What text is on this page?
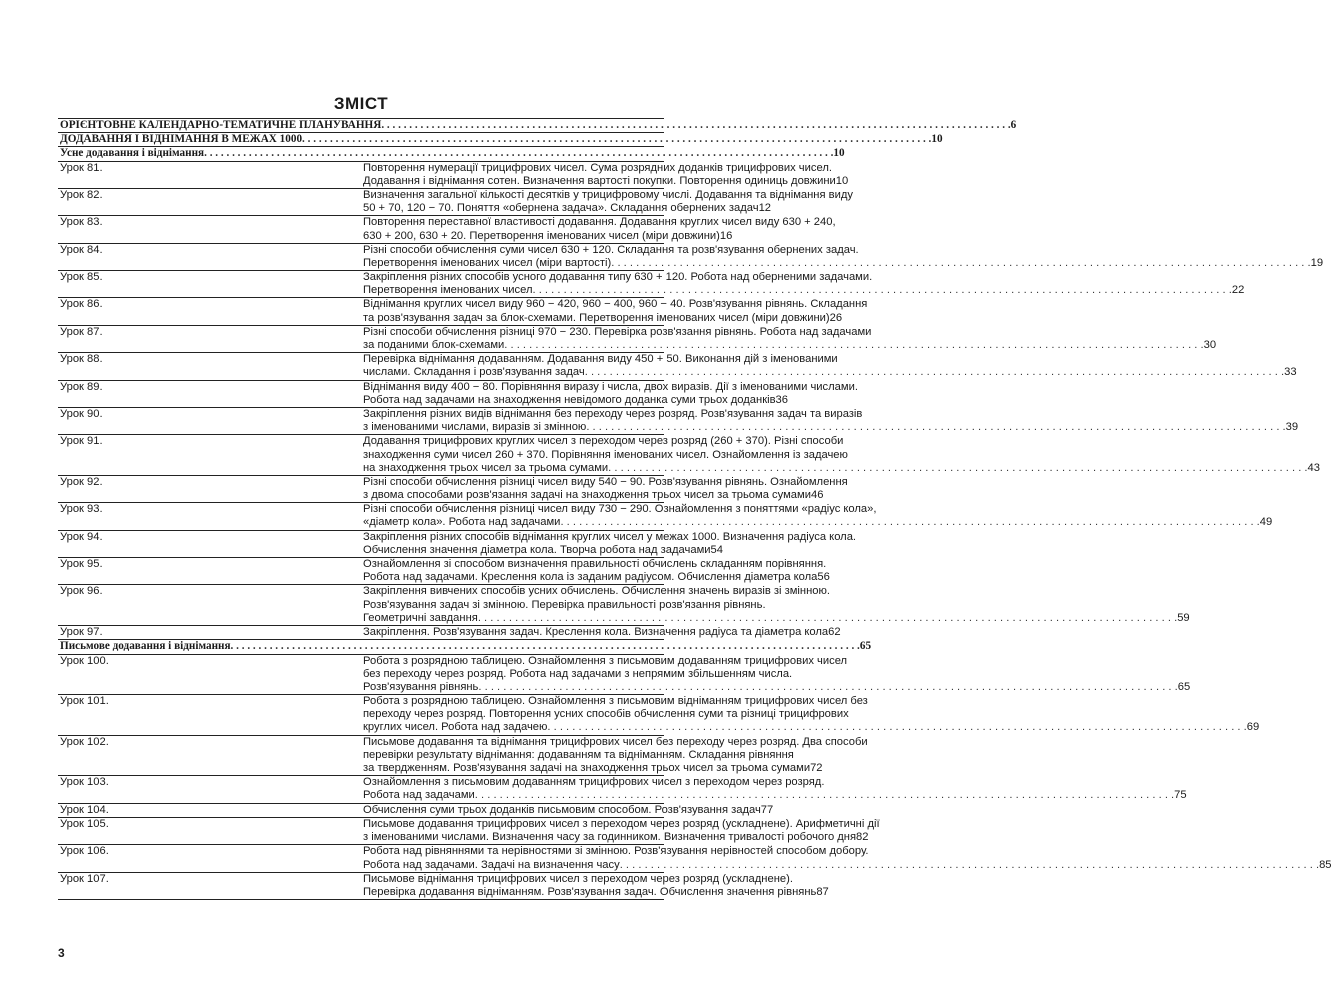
ЗМІСТ
ОРІЄНТОВНЕ КАЛЕНДАРНО-ТЕМАТИЧНЕ ПЛАНУВАННЯ . . . 6

ДОДАВАННЯ І ВІДНІМАННЯ В МЕЖАХ 1000 . . . 10

Усне додавання і віднімання . . . 10

Урок 81.	Повторення нумерації трицифрових чисел. Сума розрядних доданків трицифрових чисел.
Додавання і віднімання сотен. Визначення вартості покупки. Повторення одиниць довжини 10

Урок 82.	Визначення загальної кількості десятків у трицифровому числі. Додавання та віднімання виду
50 + 70, 120 − 70. Поняття «обернена задача». Складання обернених задач 12

Урок 83.	Повторення переставної властивості додавання. Додавання круглих чисел виду 630 + 240,
630 + 200, 630 + 20. Перетворення іменованих чисел (міри довжини) 16

Урок 84.	Різні способи обчислення суми чисел 630 + 120. Складання та розв'язування обернених задач.
Перетворення іменованих чисел (міри вартості) . . . 19

Урок 85.	Закріплення різних способів усного додавання типу 630 + 120. Робота над оберненими задачами.
Перетворення іменованих чисел . . . 22

Урок 86.	Віднімання круглих чисел виду 960 − 420, 960 − 400, 960 − 40. Розв'язування рівнянь. Складання
та розв'язування задач за блок-схемами. Перетворення іменованих чисел (міри довжини) 26

Урок 87.	Різні способи обчислення різниці 970 − 230. Перевірка розв'язання рівнянь. Робота над задачами
за поданими блок-схемами . . . 30

Урок 88.	Перевірка віднімання додаванням. Додавання виду 450 + 50. Виконання дій з іменованими
числами. Складання і розв'язування задач . . . 33

Урок 89.	Віднімання виду 400 − 80. Порівняння виразу і числа, двох виразів. Дії з іменованими числами.
Робота над задачами на знаходження невідомого доданка суми трьох доданків 36

Урок 90.	Закріплення різних видів віднімання без переходу через розряд. Розв'язування задач та виразів
з іменованими числами, виразів зі змінною . . . 39

Урок 91.	Додавання трицифрових круглих чисел з переходом через розряд (260 + 370). Різні способи
знаходження суми чисел 260 + 370. Порівняння іменованих чисел. Ознайомлення із задачею
на знаходження трьох чисел за трьома сумами . . . 43

Урок 92.	Різні способи обчислення різниці чисел виду 540 − 90. Розв'язування рівнянь. Ознайомлення
з двома способами розв'язання задачі на знаходження трьох чисел за трьома сумами 46

Урок 93.	Різні способи обчислення різниці чисел виду 730 − 290. Ознайомлення з поняттями «радіус кола»,
«діаметр кола». Робота над задачами . . . 49

Урок 94.	Закріплення різних способів віднімання круглих чисел у межах 1000. Визначення радіуса кола.
Обчислення значення діаметра кола. Творча робота над задачами 54

Урок 95.	Ознайомлення зі способом визначення правильності обчислень складанням порівняння.
Робота над задачами. Креслення кола із заданим радіусом. Обчислення діаметра кола 56

Урок 96.	Закріплення вивчених способів усних обчислень. Обчислення значень виразів зі змінною.
Розв'язування задач зі змінною. Перевірка правильності розв'язання рівнянь.
Геометричні завдання . . . 59

Урок 97.	Закріплення. Розв'язування задач. Креслення кола. Визначення радіуса та діаметра кола 62

Письмове додавання і віднімання . . . 65

Урок 100.	Робота з розрядною таблицею. Ознайомлення з письмовим додаванням трицифрових чисел
без переходу через розряд. Робота над задачами з непрямим збільшенням числа.
Розв'язування рівнянь . . . 65

Урок 101.	Робота з розрядною таблицею. Ознайомлення з письмовим відніманням трицифрових чисел без
переходу через розряд. Повторення усних способів обчислення суми та різниці трицифрових
круглих чисел. Робота над задачею . . . 69

Урок 102.	Письмове додавання та віднімання трицифрових чисел без переходу через розряд. Два способи
перевірки результату віднімання: додаванням та відніманням. Складання рівняння
за твердженням. Розв'язування задачі на знаходження трьох чисел за трьома сумами 72

Урок 103.	Ознайомлення з письмовим додаванням трицифрових чисел з переходом через розряд.
Робота над задачами . . . 75

Урок 104.	Обчислення суми трьох доданків письмовим способом. Розв'язування задач 77

Урок 105.	Письмове додавання трицифрових чисел з переходом через розряд (ускладнене). Арифметичні дії
з іменованими числами. Визначення часу за годинником. Визначення тривалості робочого дня 82

Урок 106.	Робота над рівняннями та нерівностями зі змінною. Розв'язування нерівностей способом добору.
Робота над задачами. Задачі на визначення часу . . . 85

Урок 107.	Письмове віднімання трицифрових чисел з переходом через розряд (ускладнене).
Перевірка додавання відніманням. Розв'язування задач. Обчислення значення рівнянь 87
3
